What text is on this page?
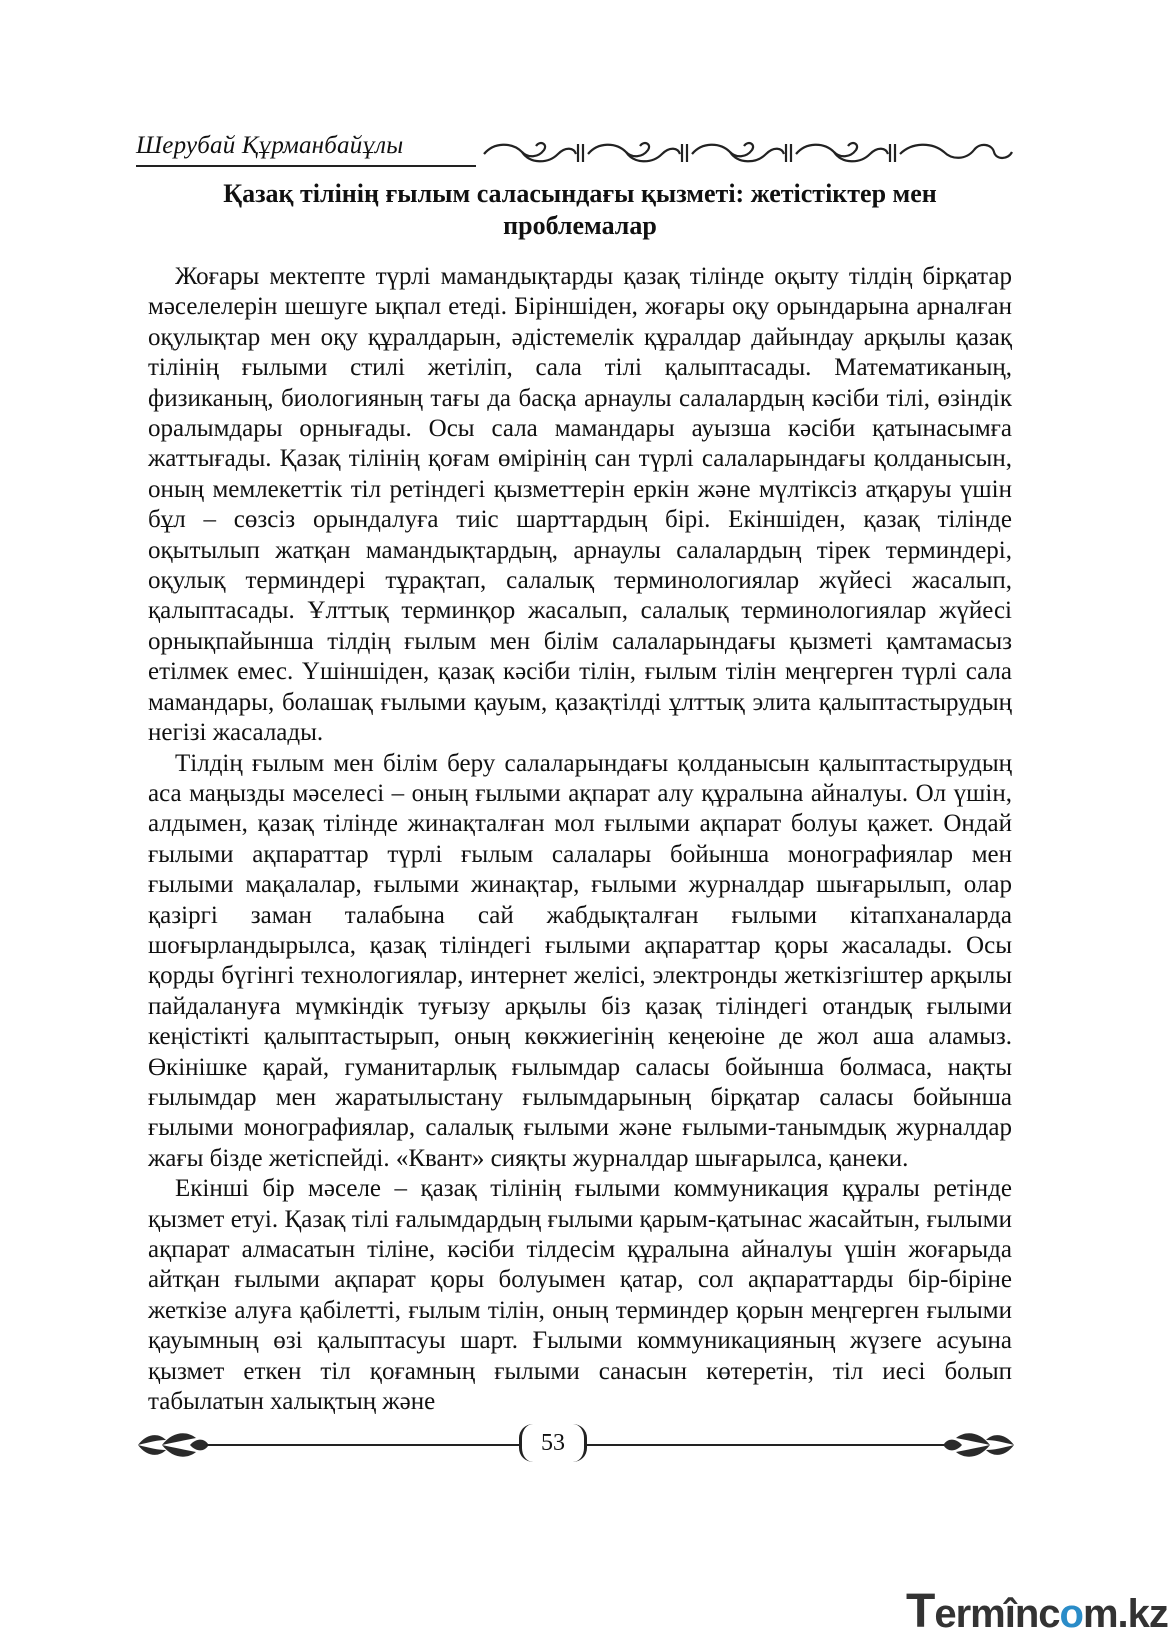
Шерубай Құрманбайұлы
Қазақ тілінің ғылым саласындағы қызметі: жетістіктер мен проблемалар

Жоғары мектепте түрлі мамандықтарды қазақ тілінде оқыту тілдің бірқатар мәселелерін шешуге ықпал етеді. Біріншіден, жоғары оқу орындарына арналған оқулықтар мен оқу құралдарын, әдістемелік құралдар дайындау арқылы қазақ тілінің ғылыми стилі жетіліп, сала тілі қалыптасады. Математиканың, физиканың, биологияның тағы да басқа арнаулы салалардың кәсіби тілі, өзіндік оралымдары орнығады. Осы сала мамандары ауызша кәсіби қатынасымға жаттығады. Қазақ тілінің қоғам өмірінің сан түрлі салаларындағы қолданысын, оның мемлекеттік тіл ретіндегі қызметтерін еркін және мүлтіксіз атқаруы үшін бұл – сөзсіз орындалуға тиіс шарттардың бірі. Екіншіден, қазақ тілінде оқытылып жатқан мамандықтардың, арнаулы салалардың тірек терминдері, оқулық терминдері тұрақтап, салалық терминологиялар жүйесі жасалып, қалыптасады. Ұлттық терминқор жасалып, салалық терминологиялар жүйесі орнықпайынша тілдің ғылым мен білім салаларындағы қызметі қамтамасыз етілмек емес. Үшіншіден, қазақ кәсіби тілін, ғылым тілін меңгерген түрлі сала мамандары, болашақ ғылыми қауым, қазақтілді ұлттық элита қалыптастырудың негізі жасалады.

Тілдің ғылым мен білім беру салаларындағы қолданысын қалыптастырудың аса маңызды мәселесі – оның ғылыми ақпарат алу құралына айналуы. Ол үшін, алдымен, қазақ тілінде жинақталған мол ғылыми ақпарат болуы қажет. Ондай ғылыми ақпараттар түрлі ғылым салалары бойынша монографиялар мен ғылыми мақалалар, ғылыми жинақтар, ғылыми журналдар шығарылып, олар қазіргі заман талабына сай жабдықталған ғылыми кітапханаларда шоғырландырылса, қазақ тіліндегі ғылыми ақпараттар қоры жасалады. Осы қорды бүгінгі технологиялар, интернет желісі, электронды жеткізгіштер арқылы пайдалануға мүмкіндік туғызу арқылы біз қазақ тіліндегі отандық ғылыми кеңістікті қалыптастырып, оның көкжиегінің кеңеюіне де жол аша аламыз. Өкінішке қарай, гуманитарлық ғылымдар саласы бойынша болмаса, нақты ғылымдар мен жаратылыстану ғылымдарының бірқатар саласы бойынша ғылыми монографиялар, салалық ғылыми және ғылыми-танымдық журналдар жағы бізде жетіспейді. «Квант» сияқты журналдар шығарылса, қанеки.

Екінші бір мәселе – қазақ тілінің ғылыми коммуникация құралы ретінде қызмет етуі. Қазақ тілі ғалымдардың ғылыми қарым-қатынас жасайтын, ғылыми ақпарат алмасатын тіліне, кәсіби тілдесім құралына айналуы үшін жоғарыда айтқан ғылыми ақпарат қоры болуымен қатар, сол ақпараттарды бір-біріне жеткізе алуға қабілетті, ғылым тілін, оның терминдер қорын меңгерген ғылыми қауымның өзі қалыптасуы шарт. Ғылыми коммуникацияның жүзеге асуына қызмет еткен тіл қоғамның ғылыми санасын көтеретін, тіл иесі болып табылатын халықтың және

53
Termîncom.kz
